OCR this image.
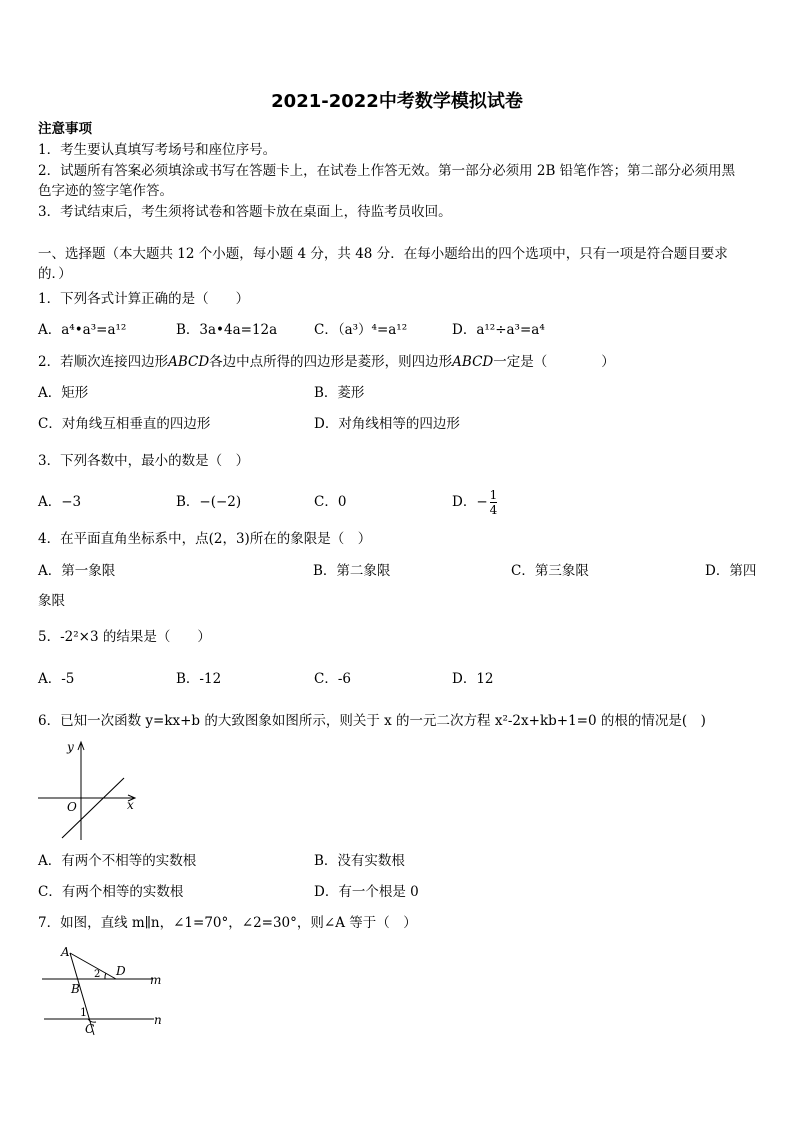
2021-2022中考数学模拟试卷
注意事项
1．考生要认真填写考场号和座位序号。
2．试题所有答案必须填涂或书写在答题卡上，在试卷上作答无效。第一部分必须用 2B 铅笔作答；第二部分必须用黑
色字迹的签字笔作答。
3．考试结束后，考生须将试卷和答题卡放在桌面上，待监考员收回。
一、选择题（本大题共 12 个小题，每小题 4 分，共 48 分．在每小题给出的四个选项中，只有一项是符合题目要求
的．）
1．下列各式计算正确的是（　　）
A．a⁴•a³=a¹²	B．3a•4a=12a	C．（a³）⁴=a¹²	D．a¹²÷a³=a⁴
2．若顺次连接四边形ABCD各边中点所得的四边形是菱形，则四边形ABCD一定是（　　　　）
A．矩形	B．菱形
C．对角线互相垂直的四边形	D．对角线相等的四边形
3．下列各数中，最小的数是（　）
A．−3	B．−(−2)	C．0	D．− $\frac{1}{4}$
4．在平面直角坐标系中，点(2，3)所在的象限是（　）
A．第一象限	B．第二象限	C．第三象限	D．第四
象限
5．-2²×3 的结果是（　　）
A．-5	B．-12	C．-6	D．12
6．已知一次函数 y=kx+b 的大致图象如图所示，则关于 x 的一元二次方程 x²-2x+kb+1=0 的根的情况是(　)
y
x
O
A．有两个不相等的实数根	B．没有实数根
C．有两个相等的实数根	D．有一个根是 0
7．如图，直线 m∥n，∠1=70°，∠2=30°，则∠A 等于（　）
A
B
C
D
m
n
1
2
